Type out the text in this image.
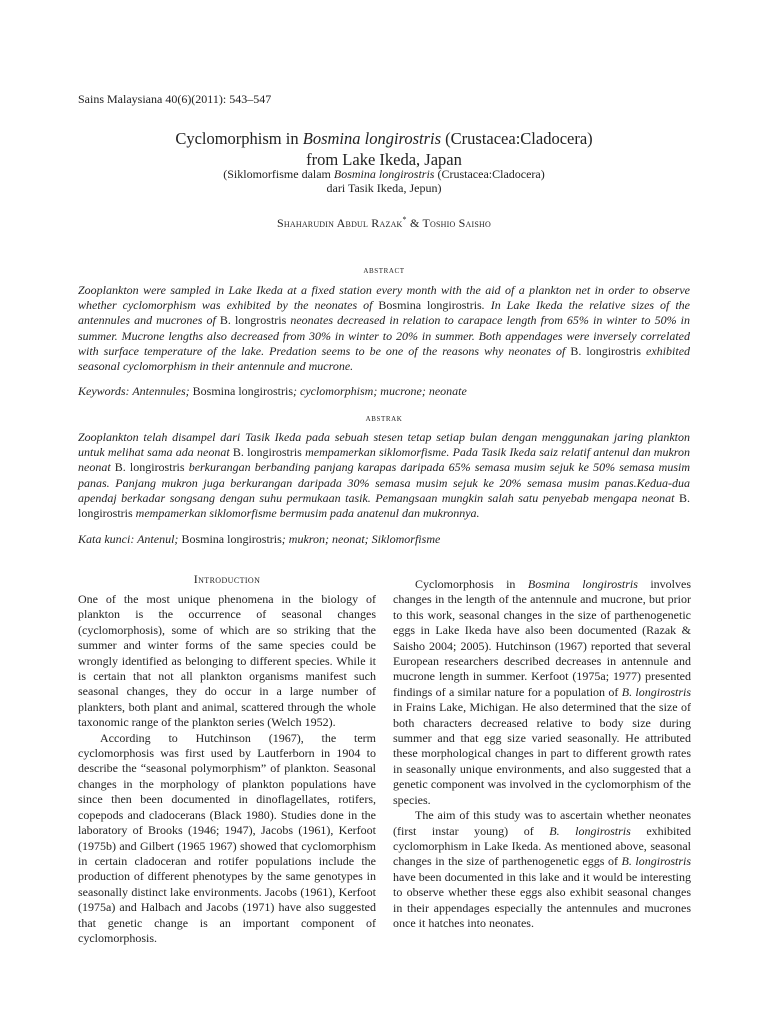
Sains Malaysiana 40(6)(2011): 543–547
Cyclomorphism in Bosmina longirostris (Crustacea:Cladocera)
from Lake Ikeda, Japan
(Siklomorfisme dalam Bosmina longirostris (Crustacea:Cladocera)
dari Tasik Ikeda, Jepun)
Shaharudin Abdul Razak* & Toshio Saisho
abstract

Zooplankton were sampled in Lake Ikeda at a fixed station every month with the aid of a plankton net in order to observe whether cyclomorphism was exhibited by the neonates of Bosmina longirostris. In Lake Ikeda the relative sizes of the antennules and mucrones of B. longrostris neonates decreased in relation to carapace length from 65% in winter to 50% in summer. Mucrone lengths also decreased from 30% in winter to 20% in summer. Both appendages were inversely correlated with surface temperature of the lake. Predation seems to be one of the reasons why neonates of B. longirostris exhibited seasonal cyclomorphism in their antennule and mucrone.

Keywords: Antennules; Bosmina longirostris; cyclomorphism; mucrone; neonate
abstrak

Zooplankton telah disampel dari Tasik Ikeda pada sebuah stesen tetap setiap bulan dengan menggunakan jaring plankton untuk melihat sama ada neonat B. longirostris mempamerkan siklomorfisme. Pada Tasik Ikeda saiz relatif antenul dan mukron neonat B. longirostris berkurangan berbanding panjang karapas daripada 65% semasa musim sejuk ke 50% semasa musim panas. Panjang mukron juga berkurangan daripada 30% semasa musim sejuk ke 20% semasa musim panas.Kedua-dua apendaj berkadar songsang dengan suhu permukaan tasik. Pemangsaan mungkin salah satu penyebab mengapa neonat B. longirostris mempamerkan siklomorfisme bermusim pada anatenul dan mukronnya.

Kata kunci: Antenul; Bosmina longirostris; mukron; neonat; Siklomorfisme
Introduction

One of the most unique phenomena in the biology of plankton is the occurrence of seasonal changes (cyclomorphosis), some of which are so striking that the summer and winter forms of the same species could be wrongly identified as belonging to different species. While it is certain that not all plankton organisms manifest such seasonal changes, they do occur in a large number of plankters, both plant and animal, scattered through the whole taxonomic range of the plankton series (Welch 1952).

According to Hutchinson (1967), the term cyclomorphosis was first used by Lautferborn in 1904 to describe the “seasonal polymorphism” of plankton. Seasonal changes in the morphology of plankton populations have since then been documented in dinoflagellates, rotifers, copepods and cladocerans (Black 1980). Studies done in the laboratory of Brooks (1946; 1947), Jacobs (1961), Kerfoot (1975b) and Gilbert (1965 1967) showed that cyclomorphism in certain cladoceran and rotifer populations include the production of different phenotypes by the same genotypes in seasonally distinct lake environments. Jacobs (1961), Kerfoot (1975a) and Halbach and Jacobs (1971) have also suggested that genetic change is an important component of cyclomorphosis.

Cyclomorphosis in Bosmina longirostris involves changes in the length of the antennule and mucrone, but prior to this work, seasonal changes in the size of parthenogenetic eggs in Lake Ikeda have also been documented (Razak & Saisho 2004; 2005). Hutchinson (1967) reported that several European researchers described decreases in antennule and mucrone length in summer. Kerfoot (1975a; 1977) presented findings of a similar nature for a population of B. longirostris in Frains Lake, Michigan. He also determined that the size of both characters decreased relative to body size during summer and that egg size varied seasonally. He attributed these morphological changes in part to different growth rates in seasonally unique environments, and also suggested that a genetic component was involved in the cyclomorphism of the species.

The aim of this study was to ascertain whether neonates (first instar young) of B. longirostris exhibited cyclomorphism in Lake Ikeda. As mentioned above, seasonal changes in the size of parthenogenetic eggs of B. longirostris have been documented in this lake and it would be interesting to observe whether these eggs also exhibit seasonal changes in their appendages especially the antennules and mucrones once it hatches into neonates.
